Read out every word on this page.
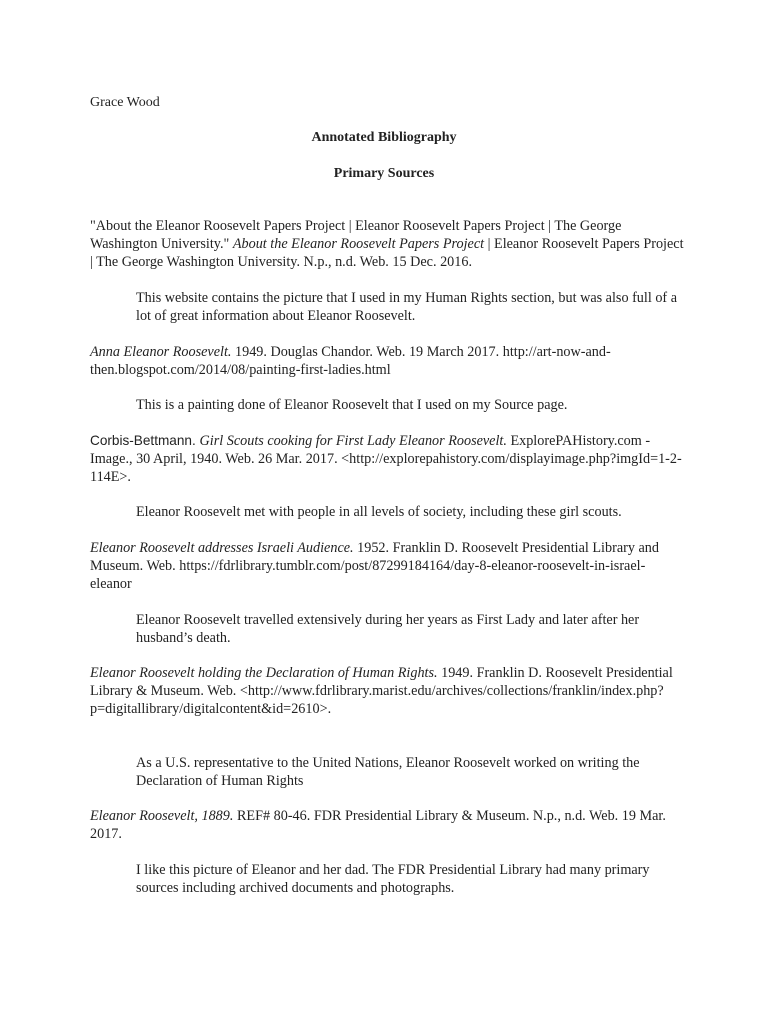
Grace Wood
Annotated Bibliography
Primary Sources

"About the Eleanor Roosevelt Papers Project | Eleanor Roosevelt Papers Project | The George Washington University." About the Eleanor Roosevelt Papers Project | Eleanor Roosevelt Papers Project | The George Washington University. N.p., n.d. Web. 15 Dec. 2016.

This website contains the picture that I used in my Human Rights section, but was also full of a lot of great information about Eleanor Roosevelt.

Anna Eleanor Roosevelt. 1949. Douglas Chandor. Web. 19 March 2017. http://art-now-and-then.blogspot.com/2014/08/painting-first-ladies.html

This is a painting done of Eleanor Roosevelt that I used on my Source page.

Corbis-Bettmann. Girl Scouts cooking for First Lady Eleanor Roosevelt. ExplorePAHistory.com - Image., 30 April, 1940. Web. 26 Mar. 2017. <http://explorepahistory.com/displayimage.php?imgId=1-2-114E>.

Eleanor Roosevelt met with people in all levels of society, including these girl scouts.

Eleanor Roosevelt addresses Israeli Audience. 1952. Franklin D. Roosevelt Presidential Library and Museum. Web. https://fdrlibrary.tumblr.com/post/87299184164/day-8-eleanor-roosevelt-in-israel-eleanor

Eleanor Roosevelt travelled extensively during her years as First Lady and later after her husband’s death.

Eleanor Roosevelt holding the Declaration of Human Rights. 1949. Franklin D. Roosevelt Presidential Library & Museum. Web. <http://www.fdrlibrary.marist.edu/archives/collections/franklin/index.php?p=digitallibrary/digitalcontent&id=2610>.

As a U.S. representative to the United Nations, Eleanor Roosevelt worked on writing the Declaration of Human Rights

Eleanor Roosevelt, 1889. REF# 80-46. FDR Presidential Library & Museum. N.p., n.d. Web. 19 Mar. 2017.

I like this picture of Eleanor and her dad. The FDR Presidential Library had many primary sources including archived documents and photographs.
